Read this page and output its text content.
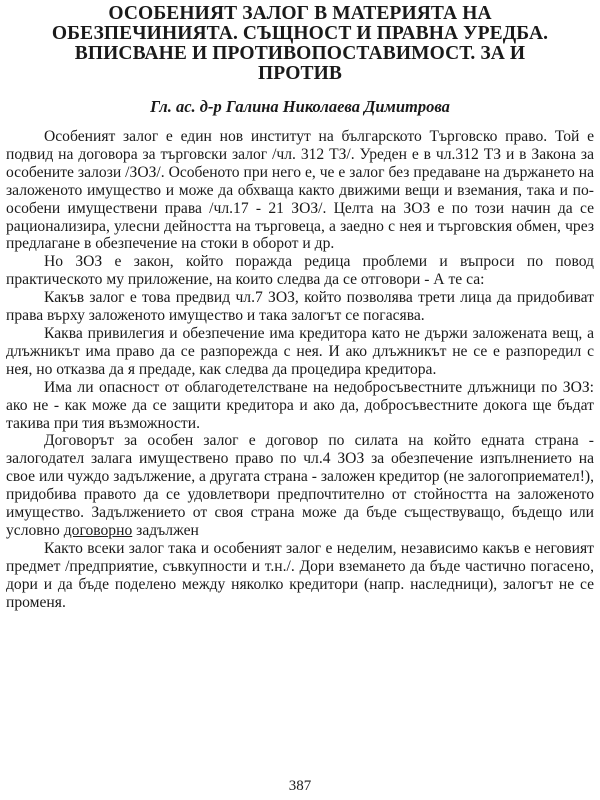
ОСОБЕНИЯТ ЗАЛОГ В МАТЕРИЯТА НА
ОБЕЗПЕЧИНИЯТА. СЪЩНОСТ И ПРАВНА УРЕДБА.
ВПИСВАНЕ И ПРОТИВОПОСТАВИМОСТ. ЗА И
ПРОТИВ
Гл. ас. д-р Галина Николаева Димитрова

Особеният залог е един нов институт на българското Търговско право. Той е подвид на договора за търговски залог /чл. 312 ТЗ/. Уреден е в чл.312 ТЗ и в Закона за особените залози /ЗОЗ/. Особеното при него е, че е залог без предаване на държането на заложеното имущество и може да обхваща както движими вещи и вземания, така и по-особени имуществени права /чл.17 - 21 ЗОЗ/. Целта на ЗОЗ е по този начин да се рационализира, улесни дейността на търговеца, а заедно с нея и търговския обмен, чрез предлагане в обезпечение на стоки в оборот и др.

Но ЗОЗ е закон, който поражда редица проблеми и въпроси по повод практическото му приложение, на които следва да се отговори - А те са:

Какъв залог е това предвид чл.7 ЗОЗ, който позволява трети лица да придобиват права върху заложеното имущество и така залогът се погасява.

Каква привилегия и обезпечение има кредитора като не държи заложената вещ, а длъжникът има право да се разпорежда с нея. И ако длъжникът не се е разпоредил с нея, но отказва да я предаде, как следва да процедира кредитора.

Има ли опасност от облагодетелстване на недобросъвестните длъжници по ЗОЗ: ако не - как може да се защити кредитора и ако да, добросъвестните докога ще бъдат такива при тия възможности.

Договорът за особен залог е договор по силата на който едната страна - залогодател залага имуществено право по чл.4 ЗОЗ за обезпечение изпълнението на свое или чуждо задължение, а другата страна - заложен кредитор (не залогоприемател!), придобива правото да се удовлетвори предпочтително от стойността на заложеното имущество. Задължението от своя страна може да бъде съществуващо, бъдещо или условно договорно задължен

Както всеки залог така и особеният залог е неделим, независимо какъв е неговият предмет /предприятие, съвкупности и т.н./. Дори вземането да бъде частично погасено, дори и да бъде поделено между няколко кредитори (напр. наследници), залогът не се променя.

387
